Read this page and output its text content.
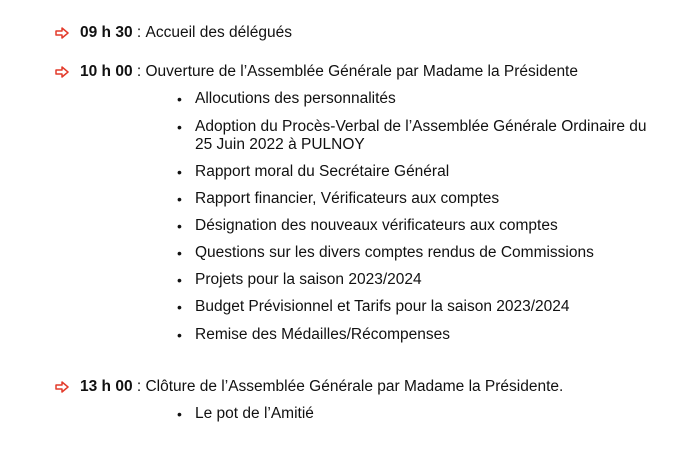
09 h 30 : Accueil des délégués
10 h 00 : Ouverture de l’Assemblée Générale par Madame la Présidente
• Allocutions des personnalités
• Adoption du Procès-Verbal de l’Assemblée Générale Ordinaire du 25 Juin 2022 à PULNOY
• Rapport moral du Secrétaire Général
• Rapport financier, Vérificateurs aux comptes
• Désignation des nouveaux vérificateurs aux comptes
• Questions sur les divers comptes rendus de Commissions
• Projets pour la saison 2023/2024
• Budget Prévisionnel et Tarifs pour la saison 2023/2024
• Remise des Médailles/Récompenses
13 h 00 : Clôture de l’Assemblée Générale par Madame la Présidente.
• Le pot de l’Amitié
